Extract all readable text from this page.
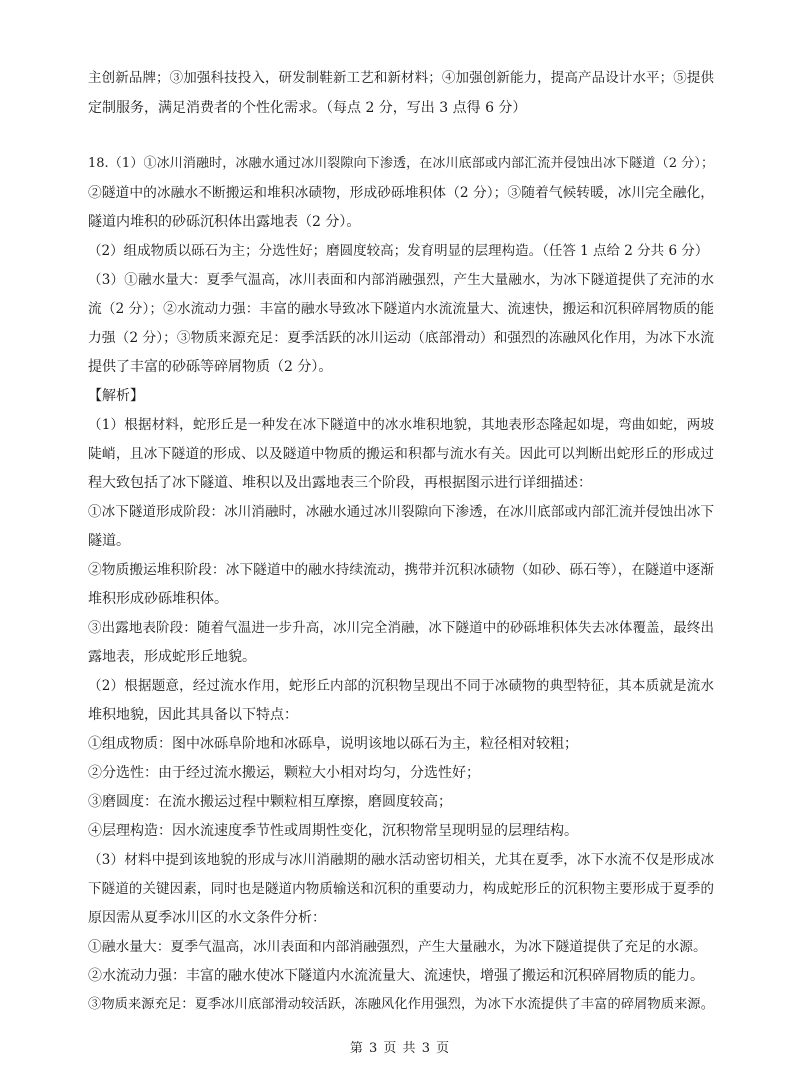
主创新品牌；③加强科技投入，研发制鞋新工艺和新材料；④加强创新能力，提高产品设计水平；⑤提供
定制服务，满足消费者的个性化需求。（每点 2 分，写出 3 点得 6 分）
18.（1）①冰川消融时，冰融水通过冰川裂隙向下渗透，在冰川底部或内部汇流并侵蚀出冰下隧道（2 分）；
②隧道中的冰融水不断搬运和堆积冰碛物，形成砂砾堆积体（2 分）；③随着气候转暖，冰川完全融化，
隧道内堆积的砂砾沉积体出露地表（2 分）。
（2）组成物质以砾石为主；分选性好；磨圆度较高；发育明显的层理构造。（任答 1 点给 2 分共 6 分）
（3）①融水量大：夏季气温高，冰川表面和内部消融强烈，产生大量融水，为冰下隧道提供了充沛的水
流（2 分）；②水流动力强：丰富的融水导致冰下隧道内水流流量大、流速快，搬运和沉积碎屑物质的能
力强（2 分）；③物质来源充足：夏季活跃的冰川运动（底部滑动）和强烈的冻融风化作用，为冰下水流
提供了丰富的砂砾等碎屑物质（2 分）。
【解析】
（1）根据材料，蛇形丘是一种发在冰下隧道中的冰水堆积地貌，其地表形态隆起如堤，弯曲如蛇，两坡
陡峭，且冰下隧道的形成、以及隧道中物质的搬运和积都与流水有关。因此可以判断出蛇形丘的形成过
程大致包括了冰下隧道、堆积以及出露地表三个阶段，再根据图示进行详细描述：
①冰下隧道形成阶段：冰川消融时，冰融水通过冰川裂隙向下渗透，在冰川底部或内部汇流并侵蚀出冰下
隧道。
②物质搬运堆积阶段：冰下隧道中的融水持续流动，携带并沉积冰碛物（如砂、砾石等），在隧道中逐渐
堆积形成砂砾堆积体。
③出露地表阶段：随着气温进一步升高，冰川完全消融，冰下隧道中的砂砾堆积体失去冰体覆盖，最终出
露地表，形成蛇形丘地貌。
（2）根据题意，经过流水作用，蛇形丘内部的沉积物呈现出不同于冰碛物的典型特征，其本质就是流水
堆积地貌，因此其具备以下特点：
①组成物质：图中冰砾阜阶地和冰砾阜，说明该地以砾石为主，粒径相对较粗；
②分选性：由于经过流水搬运，颗粒大小相对均匀，分选性好；
③磨圆度：在流水搬运过程中颗粒相互摩擦，磨圆度较高；
④层理构造：因水流速度季节性或周期性变化，沉积物常呈现明显的层理结构。
（3）材料中提到该地貌的形成与冰川消融期的融水活动密切相关，尤其在夏季，冰下水流不仅是形成冰
下隧道的关键因素，同时也是隧道内物质输送和沉积的重要动力，构成蛇形丘的沉积物主要形成于夏季的
原因需从夏季冰川区的水文条件分析：
①融水量大：夏季气温高，冰川表面和内部消融强烈，产生大量融水，为冰下隧道提供了充足的水源。
②水流动力强：丰富的融水使冰下隧道内水流流量大、流速快，增强了搬运和沉积碎屑物质的能力。
③物质来源充足：夏季冰川底部滑动较活跃，冻融风化作用强烈，为冰下水流提供了丰富的碎屑物质来源。
第 3 页 共 3 页
